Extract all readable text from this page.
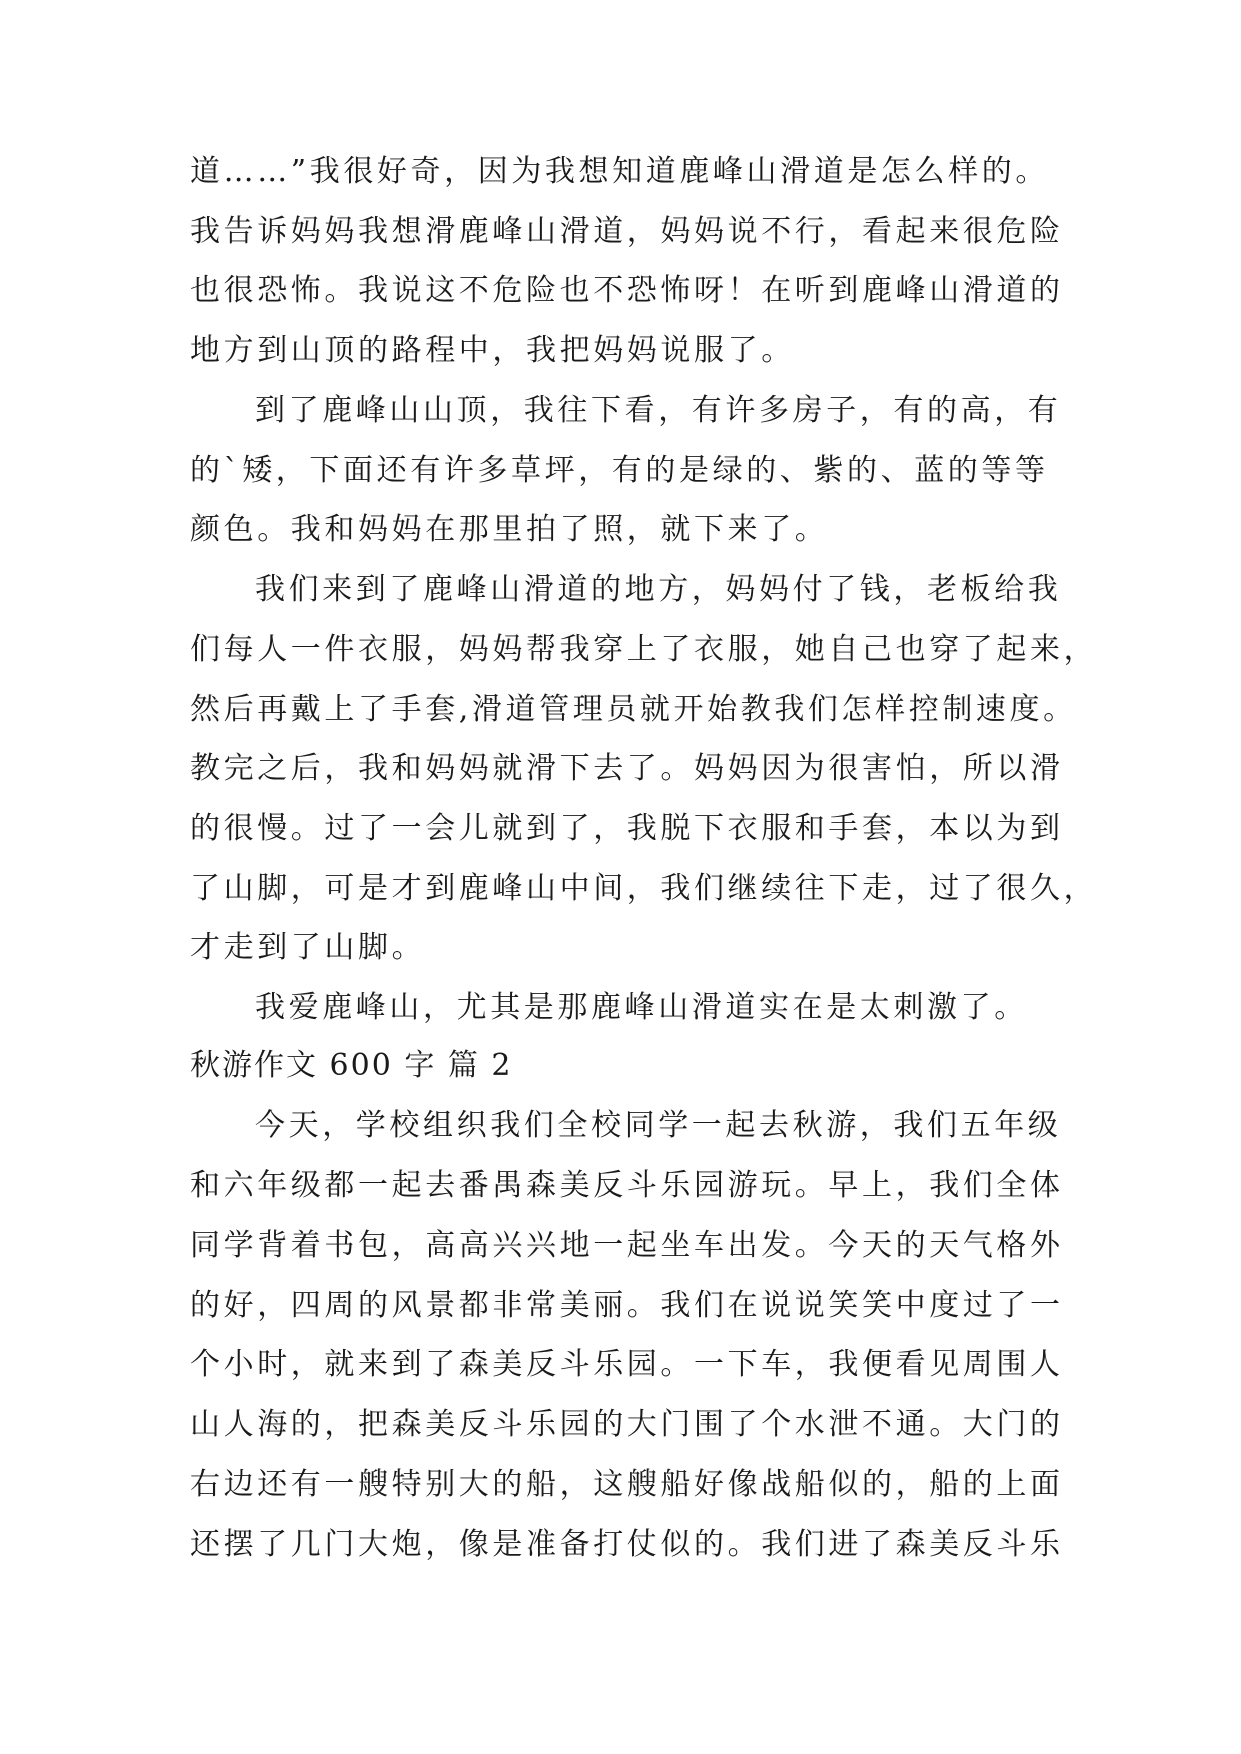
道……”我很好奇，因为我想知道鹿峰山滑道是怎么样的。
我告诉妈妈我想滑鹿峰山滑道，妈妈说不行，看起来很危险
也很恐怖。我说这不危险也不恐怖呀！在听到鹿峰山滑道的
地方到山顶的路程中，我把妈妈说服了。
到了鹿峰山山顶，我往下看，有许多房子，有的高，有
的`矮，下面还有许多草坪，有的是绿的、紫的、蓝的等等
颜色。我和妈妈在那里拍了照，就下来了。
我们来到了鹿峰山滑道的地方，妈妈付了钱，老板给我
们每人一件衣服，妈妈帮我穿上了衣服，她自己也穿了起来，
然后再戴上了手套,滑道管理员就开始教我们怎样控制速度。
教完之后，我和妈妈就滑下去了。妈妈因为很害怕，所以滑
的很慢。过了一会儿就到了，我脱下衣服和手套，本以为到
了山脚，可是才到鹿峰山中间，我们继续往下走，过了很久，
才走到了山脚。
我爱鹿峰山，尤其是那鹿峰山滑道实在是太刺激了。
秋游作文 600 字 篇 2
今天，学校组织我们全校同学一起去秋游，我们五年级
和六年级都一起去番禺森美反斗乐园游玩。早上，我们全体
同学背着书包，高高兴兴地一起坐车出发。今天的天气格外
的好，四周的风景都非常美丽。我们在说说笑笑中度过了一
个小时，就来到了森美反斗乐园。一下车，我便看见周围人
山人海的，把森美反斗乐园的大门围了个水泄不通。大门的
右边还有一艘特别大的船，这艘船好像战船似的，船的上面
还摆了几门大炮，像是准备打仗似的。我们进了森美反斗乐
